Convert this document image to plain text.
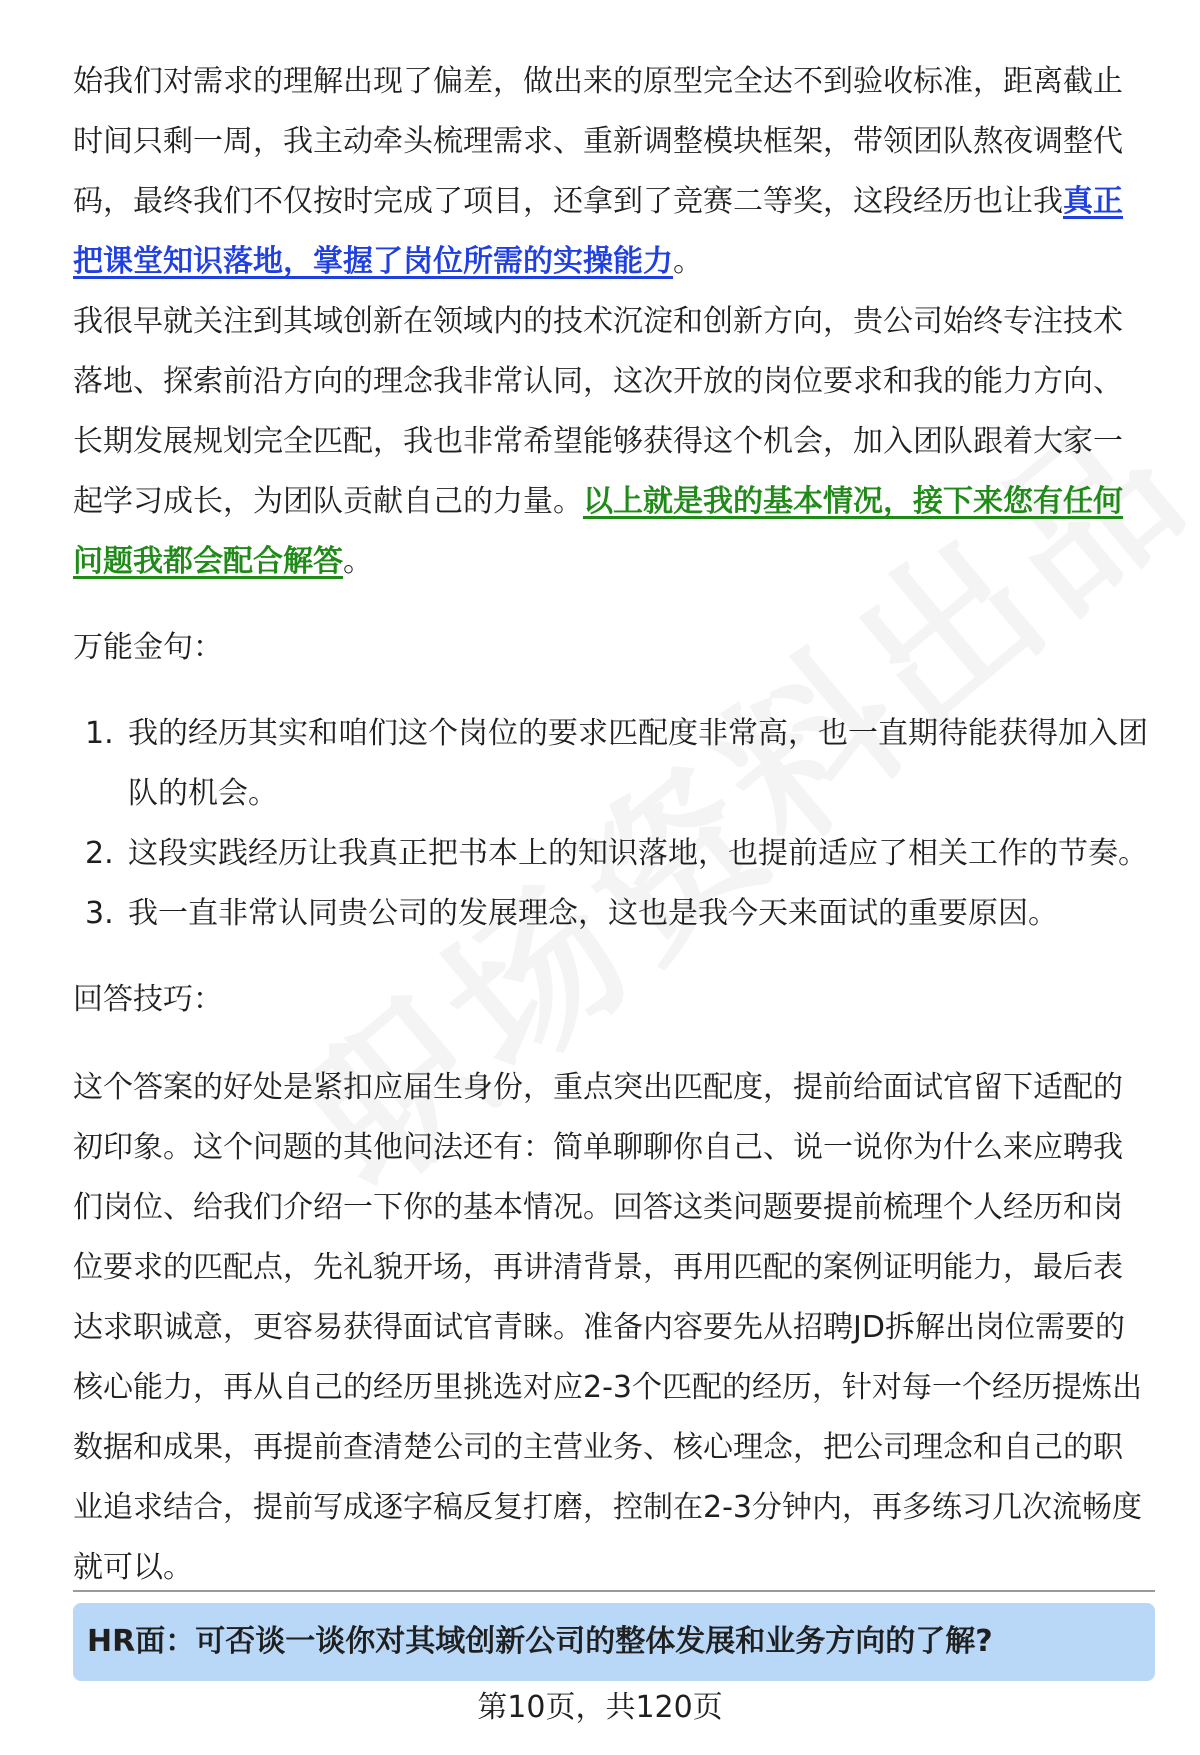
始我们对需求的理解出现了偏差，做出来的原型完全达不到验收标准，距离截止时间只剩一周，我主动牵头梳理需求、重新调整模块框架，带领团队熬夜调整代码，最终我们不仅按时完成了项目，还拿到了竞赛二等奖，这段经历也让我真正把课堂知识落地，掌握了岗位所需的实操能力。

我很早就关注到其域创新在领域内的技术沉淀和创新方向，贵公司始终专注技术落地、探索前沿方向的理念我非常认同，这次开放的岗位要求和我的能力方向、长期发展规划完全匹配，我也非常希望能够获得这个机会，加入团队跟着大家一起学习成长，为团队贡献自己的力量。以上就是我的基本情况，接下来您有任何问题我都会配合解答。

万能金句：
1. 我的经历其实和咱们这个岗位的要求匹配度非常高，也一直期待能获得加入团队的机会。
2. 这段实践经历让我真正把书本上的知识落地，也提前适应了相关工作的节奏。
3. 我一直非常认同贵公司的发展理念，这也是我今天来面试的重要原因。
回答技巧：

这个答案的好处是紧扣应届生身份，重点突出匹配度，提前给面试官留下适配的初印象。这个问题的其他问法还有：简单聊聊你自己、说一说你为什么来应聘我们岗位、给我们介绍一下你的基本情况。回答这类问题要提前梳理个人经历和岗位要求的匹配点，先礼貌开场，再讲清背景，再用匹配的案例证明能力，最后表达求职诚意，更容易获得面试官青睐。准备内容要先从招聘JD拆解出岗位需要的核心能力，再从自己的经历里挑选对应2-3个匹配的经历，针对每一个经历提炼出数据和成果，再提前查清楚公司的主营业务、核心理念，把公司理念和自己的职业追求结合，提前写成逐字稿反复打磨，控制在2-3分钟内，再多练习几次流畅度就可以。

HR面：可否谈一谈你对其域创新公司的整体发展和业务方向的了解?
第10页，共120页
